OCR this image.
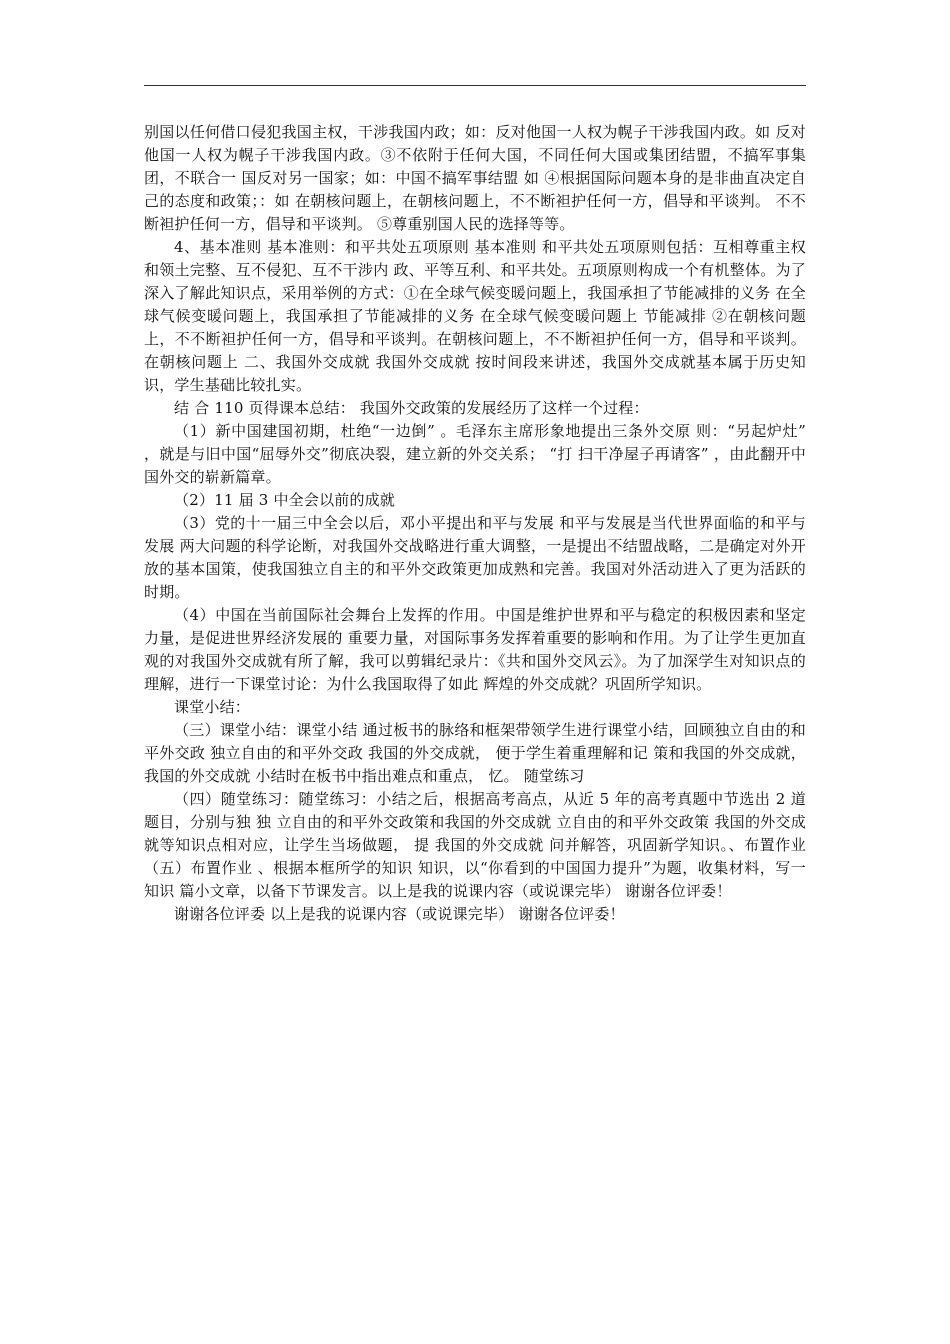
别国以任何借口侵犯我国主权，干涉我国内政；如：反对他国一人权为幌子干涉我国内政。如 反对他国一人权为幌子干涉我国内政。③不依附于任何大国，不同任何大国或集团结盟，不搞军事集团，不联合一 国反对另一国家；如：中国不搞军事结盟 如 ④根据国际问题本身的是非曲直决定自己的态度和政策；：如 在朝核问题上，在朝核问题上，不不断袒护任何一方，倡导和平谈判。 不不断袒护任何一方，倡导和平谈判。 ⑤尊重别国人民的选择等等。

4、基本准则 基本准则：和平共处五项原则 基本准则 和平共处五项原则包括：互相尊重主权和领土完整、互不侵犯、互不干涉内 政、平等互利、和平共处。五项原则构成一个有机整体。为了深入了解此知识点，采用举例的方式：①在全球气候变暖问题上，我国承担了节能减排的义务 在全球气候变暖问题上，我国承担了节能减排的义务 在全球气候变暖问题上 节能减排 ②在朝核问题上，不不断袒护任何一方，倡导和平谈判。在朝核问题上，不不断袒护任何一方，倡导和平谈判。在朝核问题上 二、我国外交成就 我国外交成就 按时间段来讲述，我国外交成就基本属于历史知识，学生基础比较扎实。

结 合 110 页得课本总结： 我国外交政策的发展经历了这样一个过程：

（1）新中国建国初期，杜绝“一边倒” 。毛泽东主席形象地提出三条外交原 则：“另起炉灶” ，就是与旧中国“屈辱外交”彻底决裂，建立新的外交关系； “打 扫干净屋子再请客” ，由此翻开中国外交的崭新篇章。

（2）11 届 3 中全会以前的成就

（3）党的十一届三中全会以后，邓小平提出和平与发展 和平与发展是当代世界面临的和平与发展 两大问题的科学论断，对我国外交战略进行重大调整，一是提出不结盟战略，二是确定对外开放的基本国策，使我国独立自主的和平外交政策更加成熟和完善。我国对外活动进入了更为活跃的时期。

（4）中国在当前国际社会舞台上发挥的作用。中国是维护世界和平与稳定的积极因素和坚定力量，是促进世界经济发展的 重要力量，对国际事务发挥着重要的影响和作用。为了让学生更加直观的对我国外交成就有所了解，我可以剪辑纪录片：《共和国外交风云》。为了加深学生对知识点的理解，进行一下课堂讨论：为什么我国取得了如此 辉煌的外交成就？巩固所学知识。

课堂小结：

（三）课堂小结：课堂小结 通过板书的脉络和框架带领学生进行课堂小结，回顾独立自由的和平外交政 独立自由的和平外交政 我国的外交成就， 便于学生着重理解和记 策和我国的外交成就， 我国的外交成就 小结时在板书中指出难点和重点， 忆。 随堂练习

（四）随堂练习：随堂练习：小结之后，根据高考高点，从近 5 年的高考真题中节选出 2 道题目，分别与独 独 立自由的和平外交政策和我国的外交成就 立自由的和平外交政策 我国的外交成就等知识点相对应，让学生当场做题， 提 我国的外交成就 问并解答，巩固新学知识。、布置作业（五）布置作业 、根据本框所学的知识 知识，以“你看到的中国国力提升”为题，收集材料，写一 知识 篇小文章，以备下节课发言。以上是我的说课内容（或说课完毕） 谢谢各位评委！

谢谢各位评委 以上是我的说课内容（或说课完毕） 谢谢各位评委！
